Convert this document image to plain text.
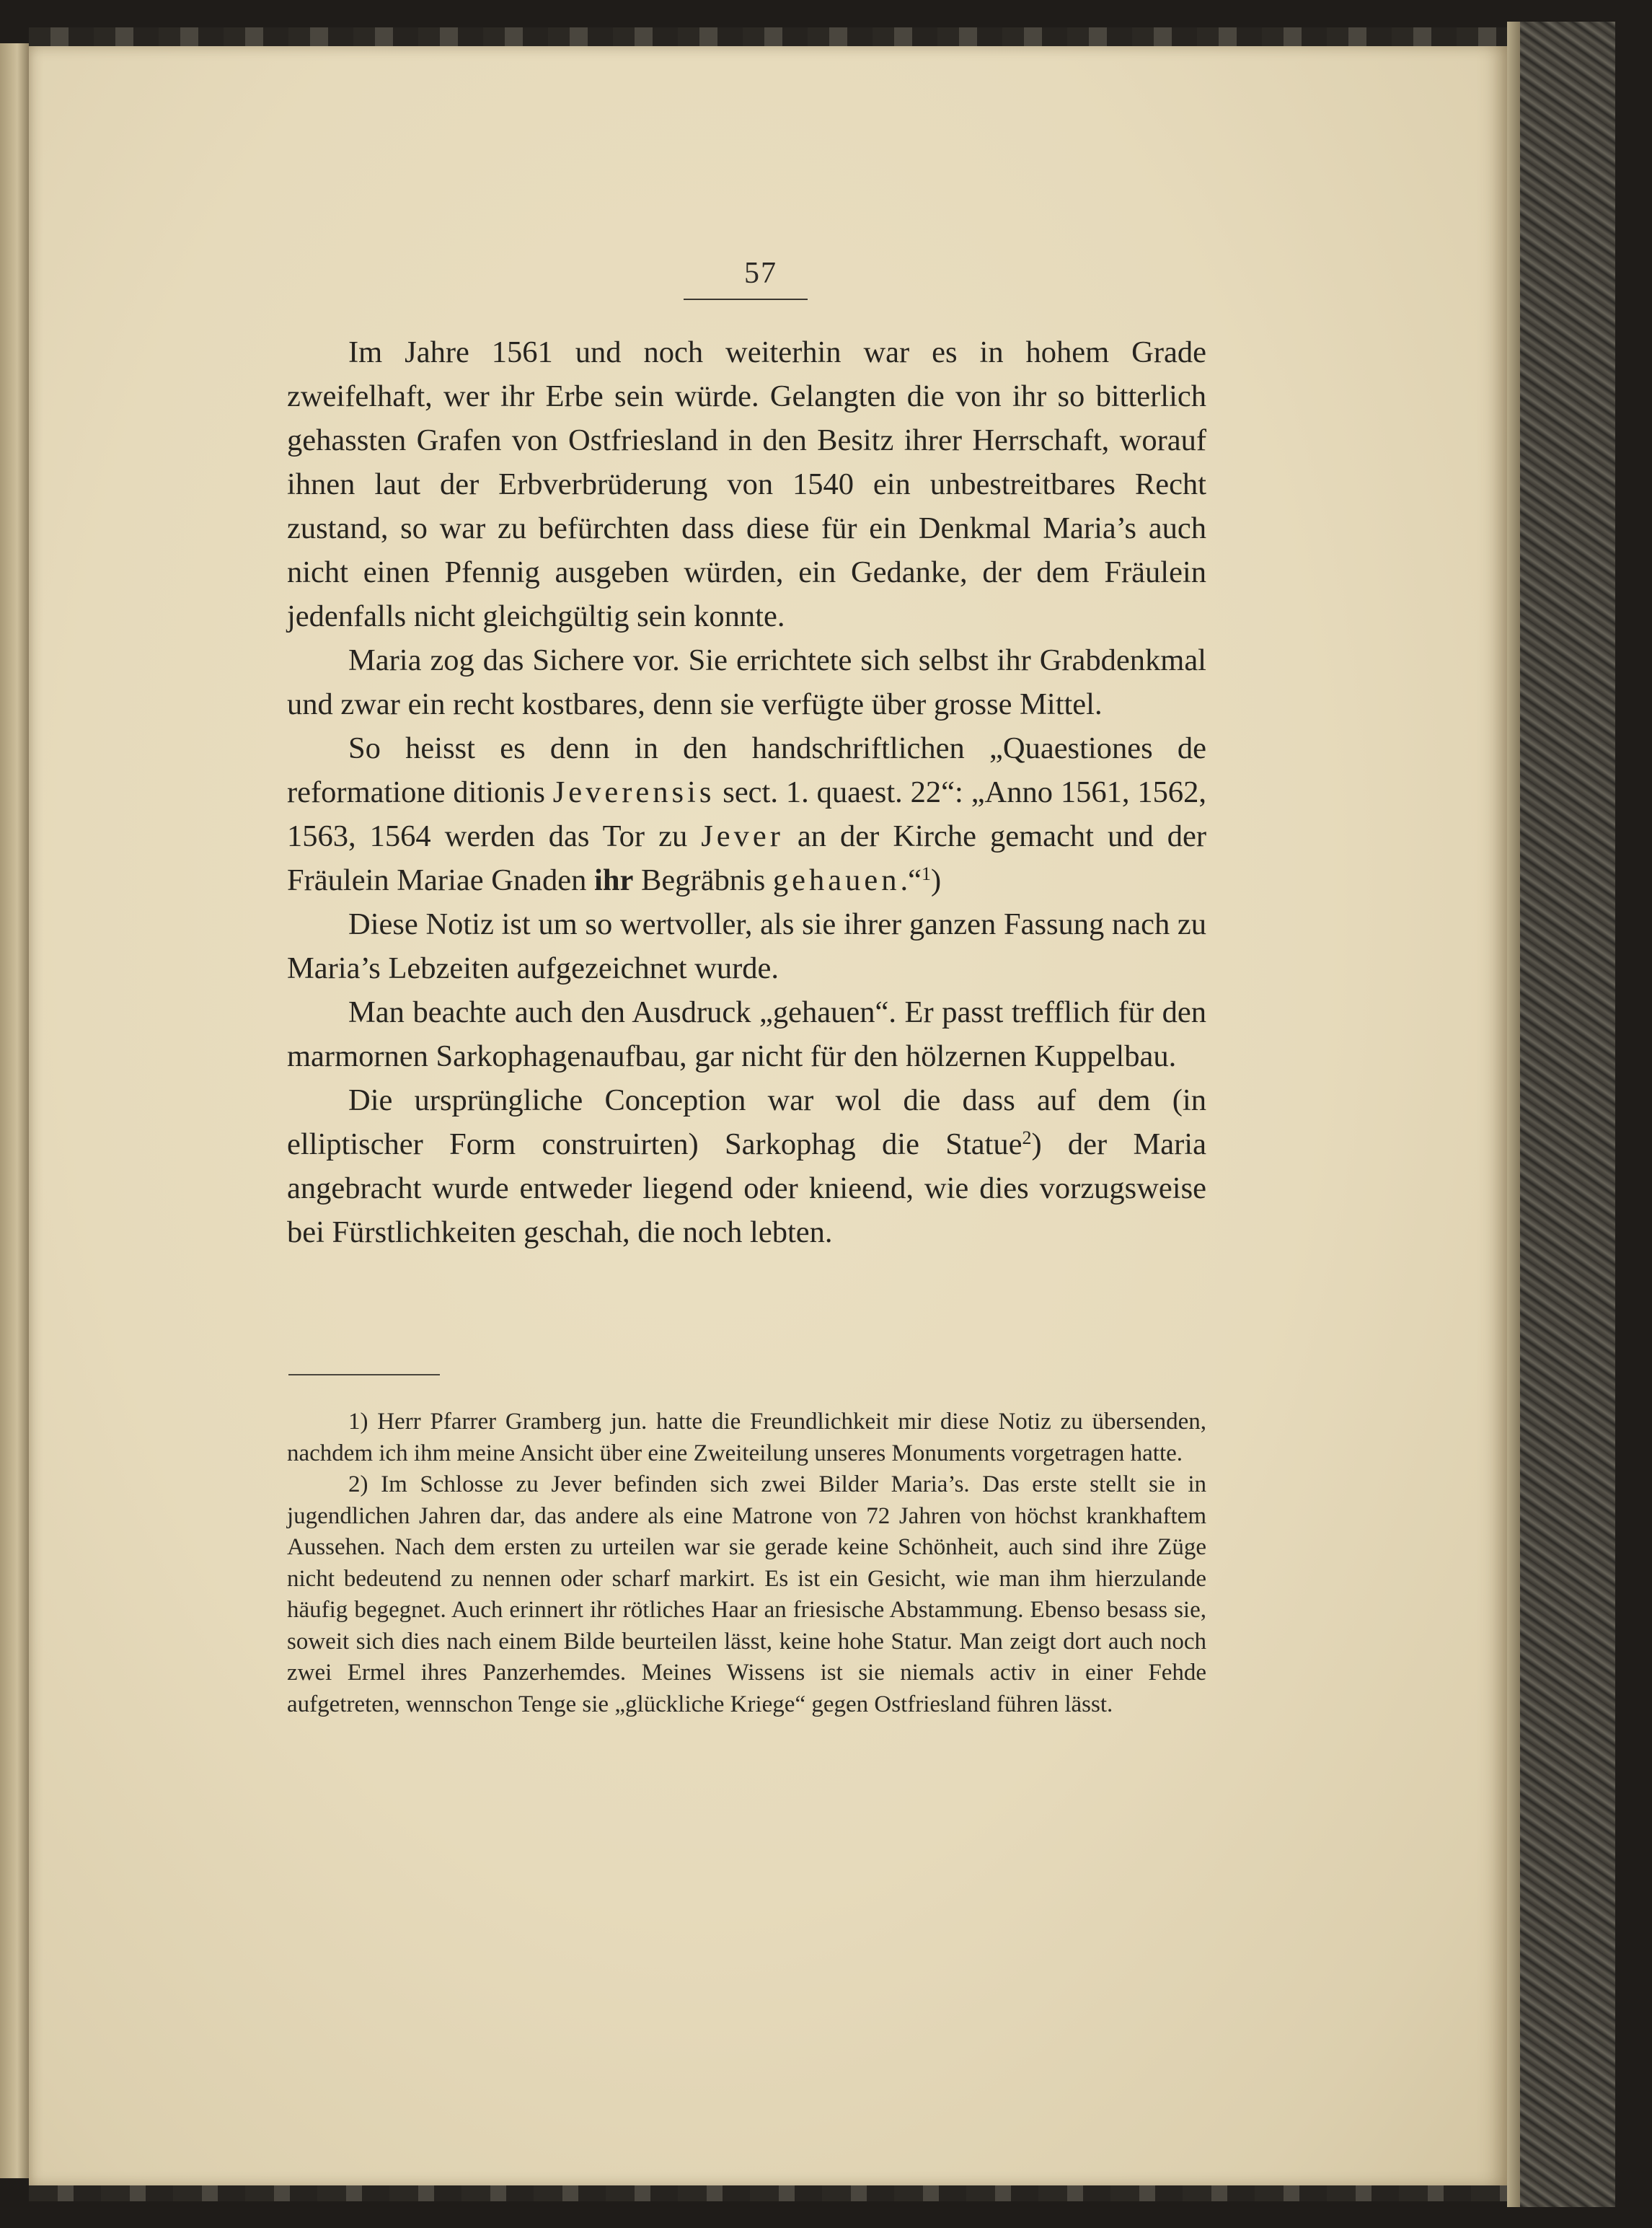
57

Im Jahre 1561 und noch weiterhin war es in hohem Grade zweifelhaft, wer ihr Erbe sein würde. Gelangten die von ihr so bitterlich gehassten Grafen von Ostfriesland in den Besitz ihrer Herrschaft, worauf ihnen laut der Erbverbrüderung von 1540 ein unbestreitbares Recht zustand, so war zu befürchten dass diese für ein Denkmal Maria’s auch nicht einen Pfennig ausgeben würden, ein Gedanke, der dem Fräulein jedenfalls nicht gleichgültig sein konnte.

Maria zog das Sichere vor. Sie errichtete sich selbst ihr Grabdenkmal und zwar ein recht kostbares, denn sie verfügte über grosse Mittel.

So heisst es denn in den handschriftlichen „Quaestiones de reformatione ditionis Jeverensis sect. 1. quaest. 22“: „Anno 1561, 1562, 1563, 1564 werden das Tor zu Jever an der Kirche gemacht und der Fräulein Mariae Gnaden ihr Begräbnis gehauen.“$^1$)

Diese Notiz ist um so wertvoller, als sie ihrer ganzen Fassung nach zu Maria’s Lebzeiten aufgezeichnet wurde.

Man beachte auch den Ausdruck „gehauen“. Er passt trefflich für den marmornen Sarkophagenaufbau, gar nicht für den hölzernen Kuppelbau.

Die ursprüngliche Conception war wol die dass auf dem (in elliptischer Form construirten) Sarkophag die Statue$^2$) der Maria angebracht wurde entweder liegend oder knieend, wie dies vorzugsweise bei Fürstlichkeiten geschah, die noch lebten.

1) Herr Pfarrer Gramberg jun. hatte die Freundlichkeit mir diese Notiz zu übersenden, nachdem ich ihm meine Ansicht über eine Zweiteilung unseres Monuments vorgetragen hatte.

2) Im Schlosse zu Jever befinden sich zwei Bilder Maria’s. Das erste stellt sie in jugendlichen Jahren dar, das andere als eine Matrone von 72 Jahren von höchst krankhaftem Aussehen. Nach dem ersten zu urteilen war sie gerade keine Schönheit, auch sind ihre Züge nicht bedeutend zu nennen oder scharf markirt. Es ist ein Gesicht, wie man ihm hierzulande häufig begegnet. Auch erinnert ihr rötliches Haar an friesische Abstammung. Ebenso besass sie, soweit sich dies nach einem Bilde beurteilen lässt, keine hohe Statur. Man zeigt dort auch noch zwei Ermel ihres Panzerhemdes. Meines Wissens ist sie niemals activ in einer Fehde aufgetreten, wennschon Tenge sie „glückliche Kriege“ gegen Ostfriesland führen lässt.
